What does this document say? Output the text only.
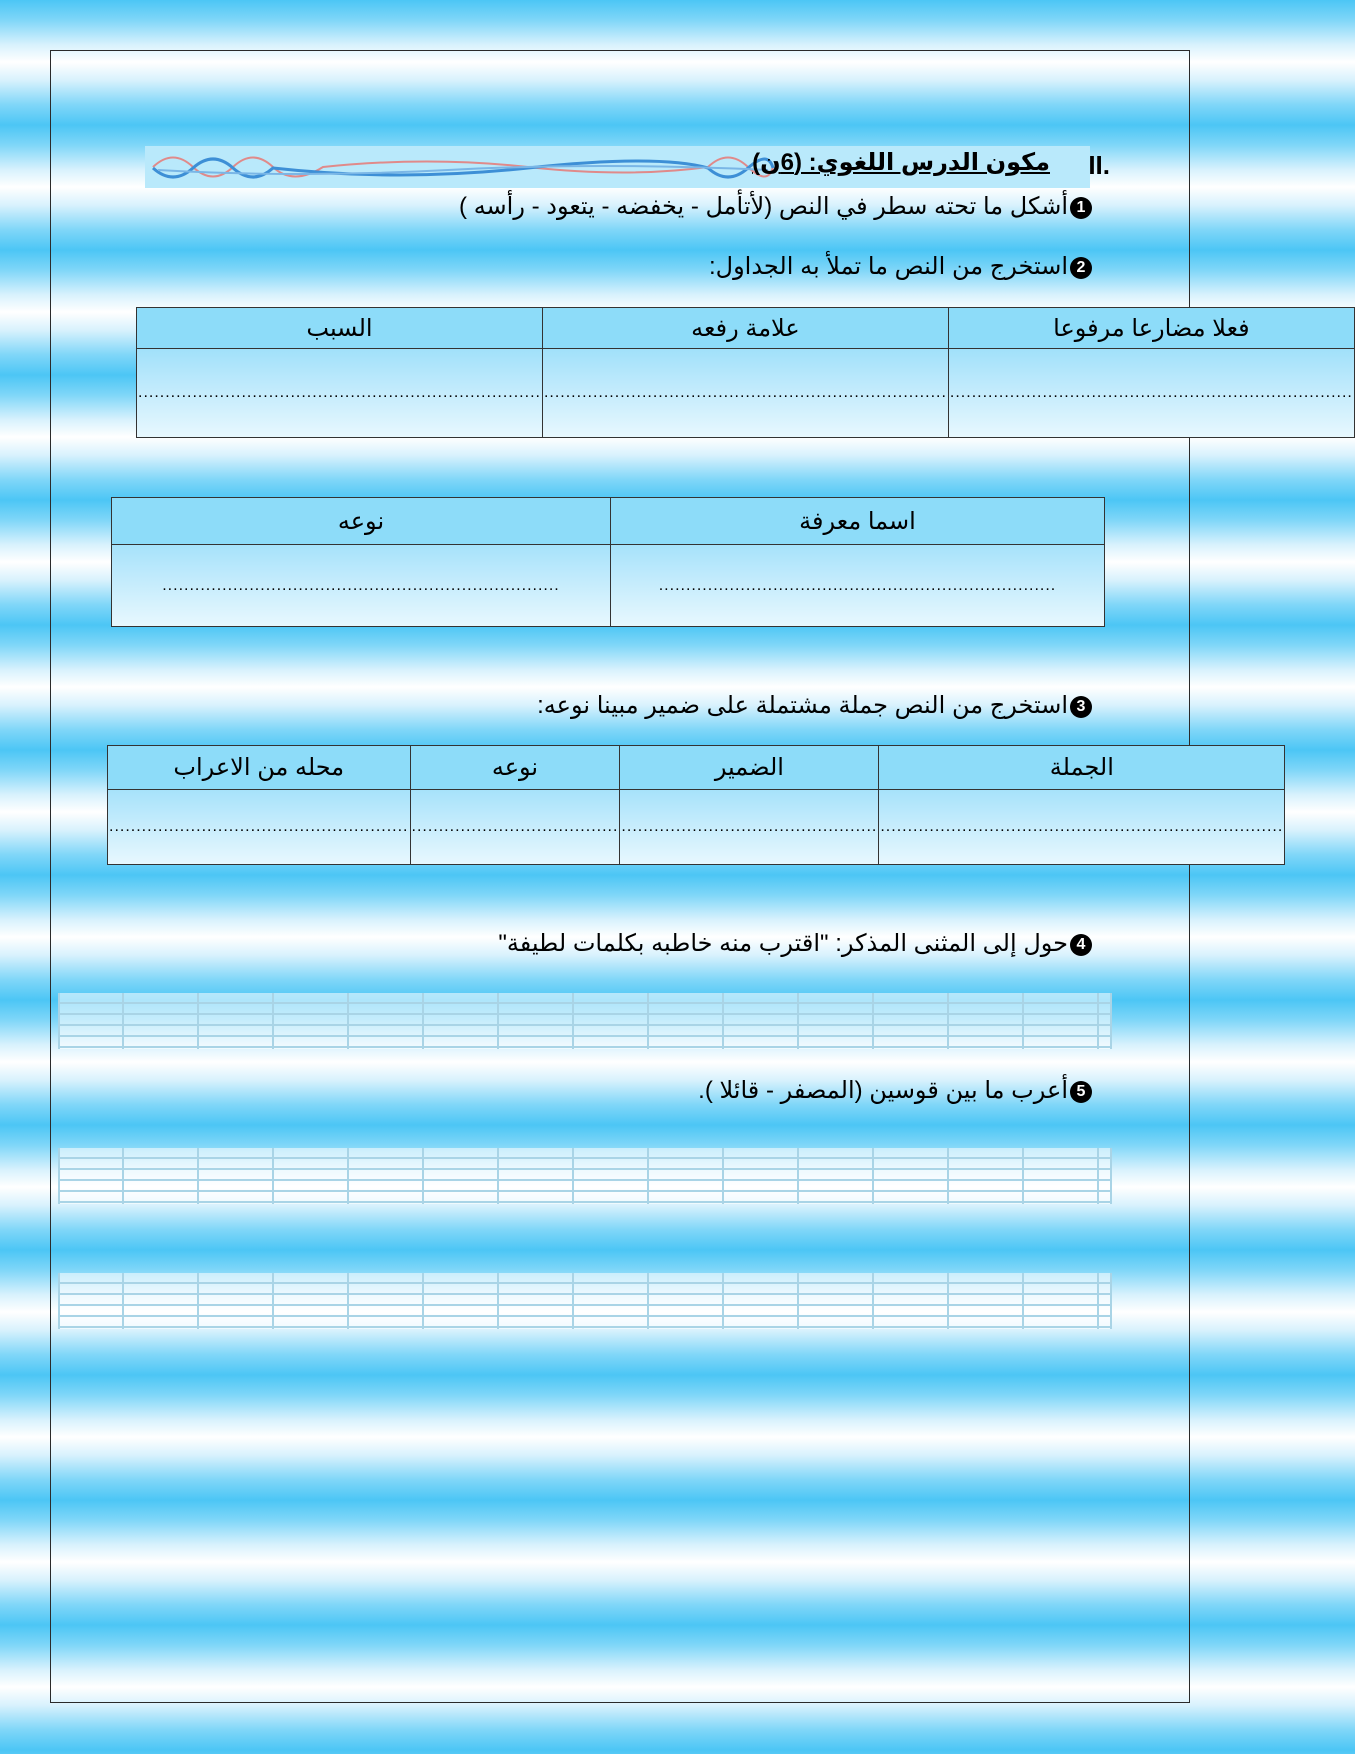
II.
مكون الدرس اللغوي: (6ن)
1أشكل ما تحته سطر في النص (لأتأمل - يخفضه - يتعود - رأسه )
2استخرج من النص ما تملأ به الجداول:
فعلا مضارعا مرفوعا	علامة رفعه	السبب
..........................................................................	..........................................................................	..........................................................................
اسما معرفة	نوعه
.........................................................................	.........................................................................
3استخرج من النص جملة مشتملة على ضمير مبينا نوعه:
الجملة	الضمير	نوعه	محله من الاعراب
..........................................................................	...............................................	......................................	.......................................................
4حول إلى المثنى المذكر: "اقترب منه خاطبه بكلمات لطيفة"
5أعرب ما بين قوسين (المصفر - قائلا ).
